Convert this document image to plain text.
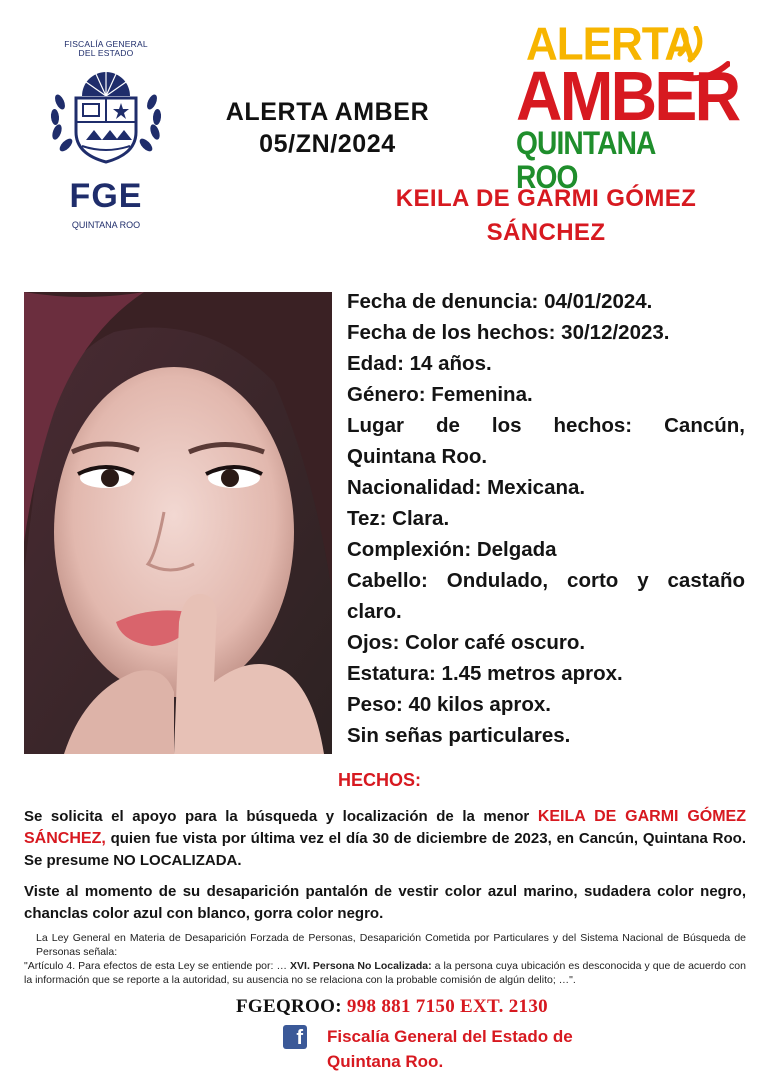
FISCALÍA GENERAL
DEL ESTADO
FGE
QUINTANA ROO
ALERTA AMBER
05/ZN/2024
ALERTA
AMBER
QUINTANA ROO
KEILA DE GARMI GÓMEZ
SÁNCHEZ
Fecha de denuncia: 04/01/2024.
Fecha de los hechos: 30/12/2023.
Edad: 14 años.
Género: Femenina.
Lugar de los hechos: Cancún,
Quintana Roo.
Nacionalidad: Mexicana.
Tez: Clara.
Complexión: Delgada
Cabello: Ondulado, corto y castaño
claro.
Ojos: Color café oscuro.
Estatura: 1.45 metros aprox.
Peso: 40 kilos aprox.
Sin señas particulares.
HECHOS:
Se solicita el apoyo para la búsqueda y localización de la menor KEILA DE GARMI GÓMEZ SÁNCHEZ, quien fue vista por última vez el día 30 de diciembre de 2023, en Cancún, Quintana Roo. Se presume NO LOCALIZADA.
Viste al momento de su desaparición pantalón de vestir color azul marino, sudadera color negro, chanclas color azul con blanco, gorra color negro.

La Ley General en Materia de Desaparición Forzada de Personas, Desaparición Cometida por Particulares y del Sistema Nacional de Búsqueda de Personas señala:

"Artículo 4. Para efectos de esta Ley se entiende por: … XVI. Persona No Localizada: a la persona cuya ubicación es desconocida y que de acuerdo con la información que se reporte a la autoridad, su ausencia no se relaciona con la probable comisión de algún delito; …".

FGEQROO: 998 881 7150 EXT. 2130
f Fiscalía General del Estado de
Quintana Roo.
